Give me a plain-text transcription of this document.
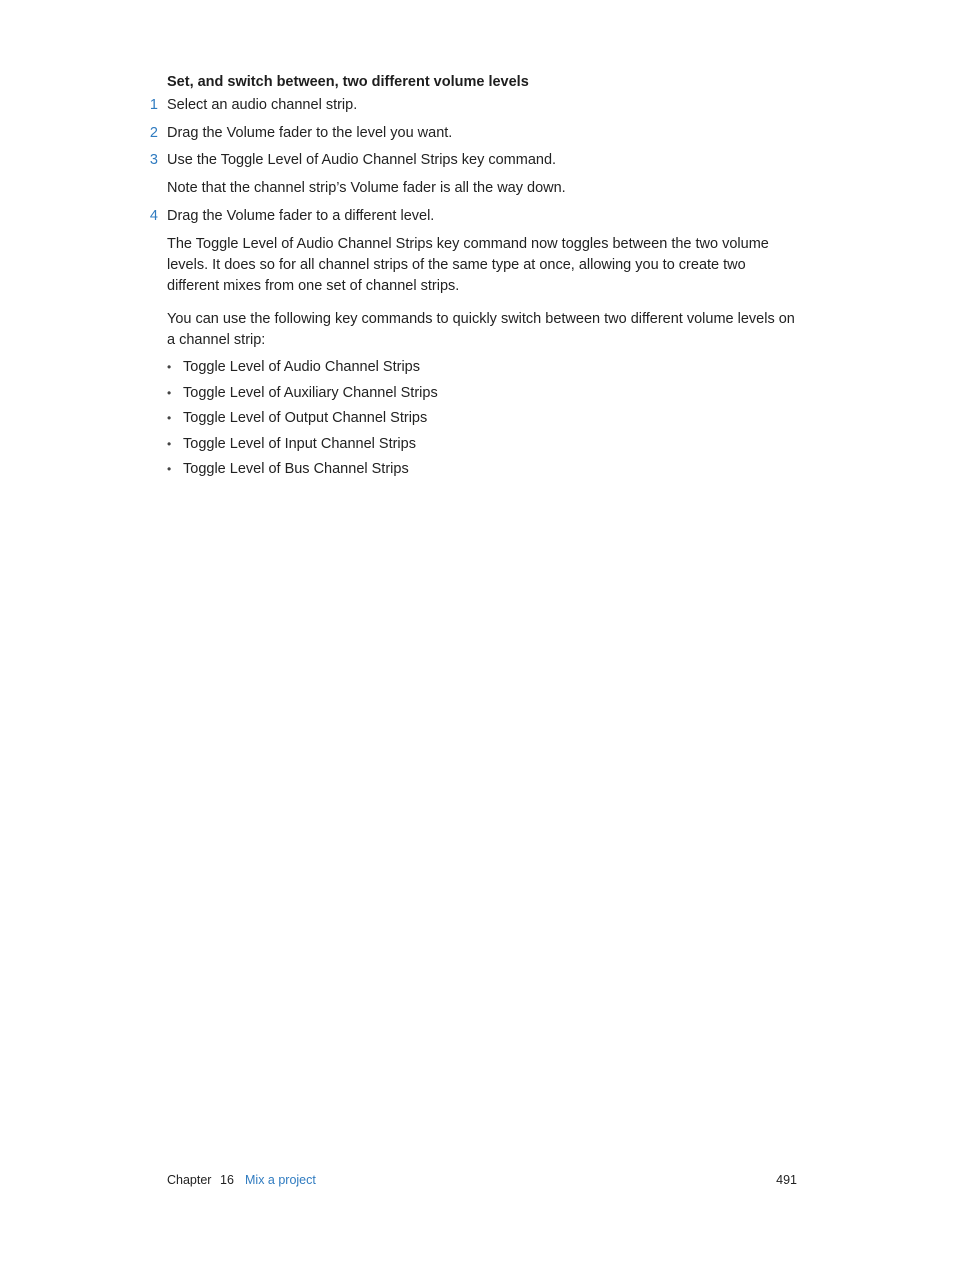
Set, and switch between, two different volume levels
1 Select an audio channel strip.
2 Drag the Volume fader to the level you want.
3 Use the Toggle Level of Audio Channel Strips key command.
Note that the channel strip’s Volume fader is all the way down.
4 Drag the Volume fader to a different level.
The Toggle Level of Audio Channel Strips key command now toggles between the two volume levels. It does so for all channel strips of the same type at once, allowing you to create two different mixes from one set of channel strips.
You can use the following key commands to quickly switch between two different volume levels on a channel strip:
• Toggle Level of Audio Channel Strips
• Toggle Level of Auxiliary Channel Strips
• Toggle Level of Output Channel Strips
• Toggle Level of Input Channel Strips
• Toggle Level of Bus Channel Strips
Chapter 16 Mix a project	491
